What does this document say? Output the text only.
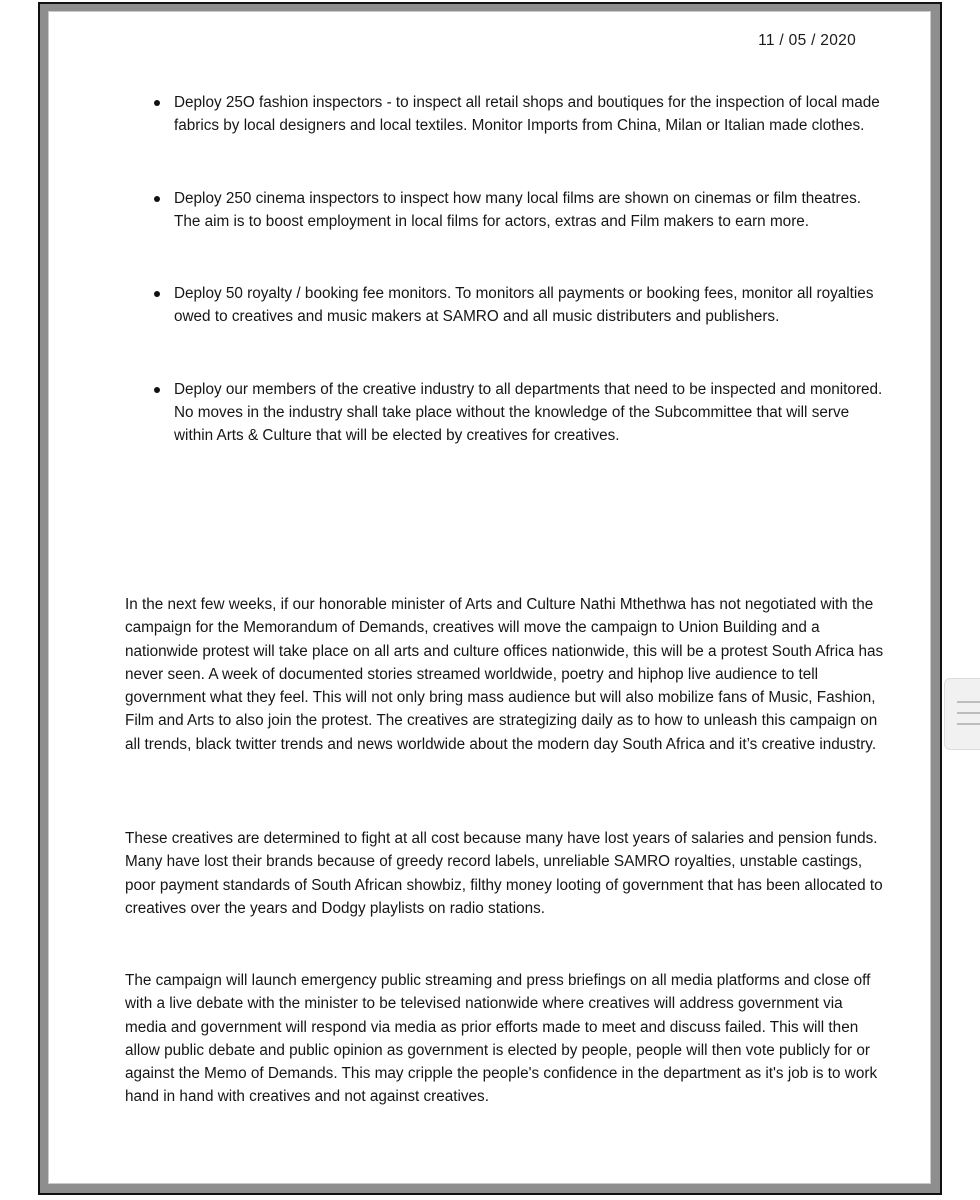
11 / 05 / 2020
Deploy 25O fashion inspectors - to inspect all retail shops and boutiques for the inspection of local made fabrics by local designers and local textiles. Monitor Imports from China, Milan or Italian made clothes.
Deploy 250 cinema inspectors to inspect how many local films are shown on cinemas or film theatres. The aim is to boost employment in local films for actors, extras and Film makers to earn more.
Deploy 50 royalty / booking fee monitors. To monitors all payments or booking fees, monitor all royalties owed to creatives and music makers at SAMRO and all music distributers and publishers.
Deploy our members of the creative industry to all departments that need to be inspected and monitored. No moves in the industry shall take place without the knowledge of the Subcommittee that will serve within Arts & Culture that will be elected by creatives for creatives.

In the next few weeks, if our honorable minister of Arts and Culture Nathi Mthethwa has not negotiated with the campaign for the Memorandum of Demands, creatives will move the campaign to Union Building and a nationwide protest will take place on all arts and culture offices nationwide, this will be a protest South Africa has never seen. A week of documented stories streamed worldwide, poetry and hiphop live audience to tell government what they feel. This will not only bring mass audience but will also mobilize fans of Music, Fashion, Film and Arts to also join the protest. The creatives are strategizing daily as to how to unleash this campaign on all trends, black twitter trends and news worldwide about the modern day South Africa and it’s creative industry.

These creatives are determined to fight at all cost because many have lost years of salaries and pension funds. Many have lost their brands because of greedy record labels, unreliable SAMRO royalties, unstable castings, poor payment standards of South African showbiz, filthy money looting of government that has been allocated to creatives over the years and Dodgy playlists on radio stations.

The campaign will launch emergency public streaming and press briefings on all media platforms and close off with a live debate with the minister to be televised nationwide where creatives will address government via media and government will respond via media as prior efforts made to meet and discuss failed. This will then allow public debate and public opinion as government is elected by people, people will then vote publicly for or against the Memo of Demands. This may cripple the people's confidence in the department as it's job is to work hand in hand with creatives and not against creatives.
